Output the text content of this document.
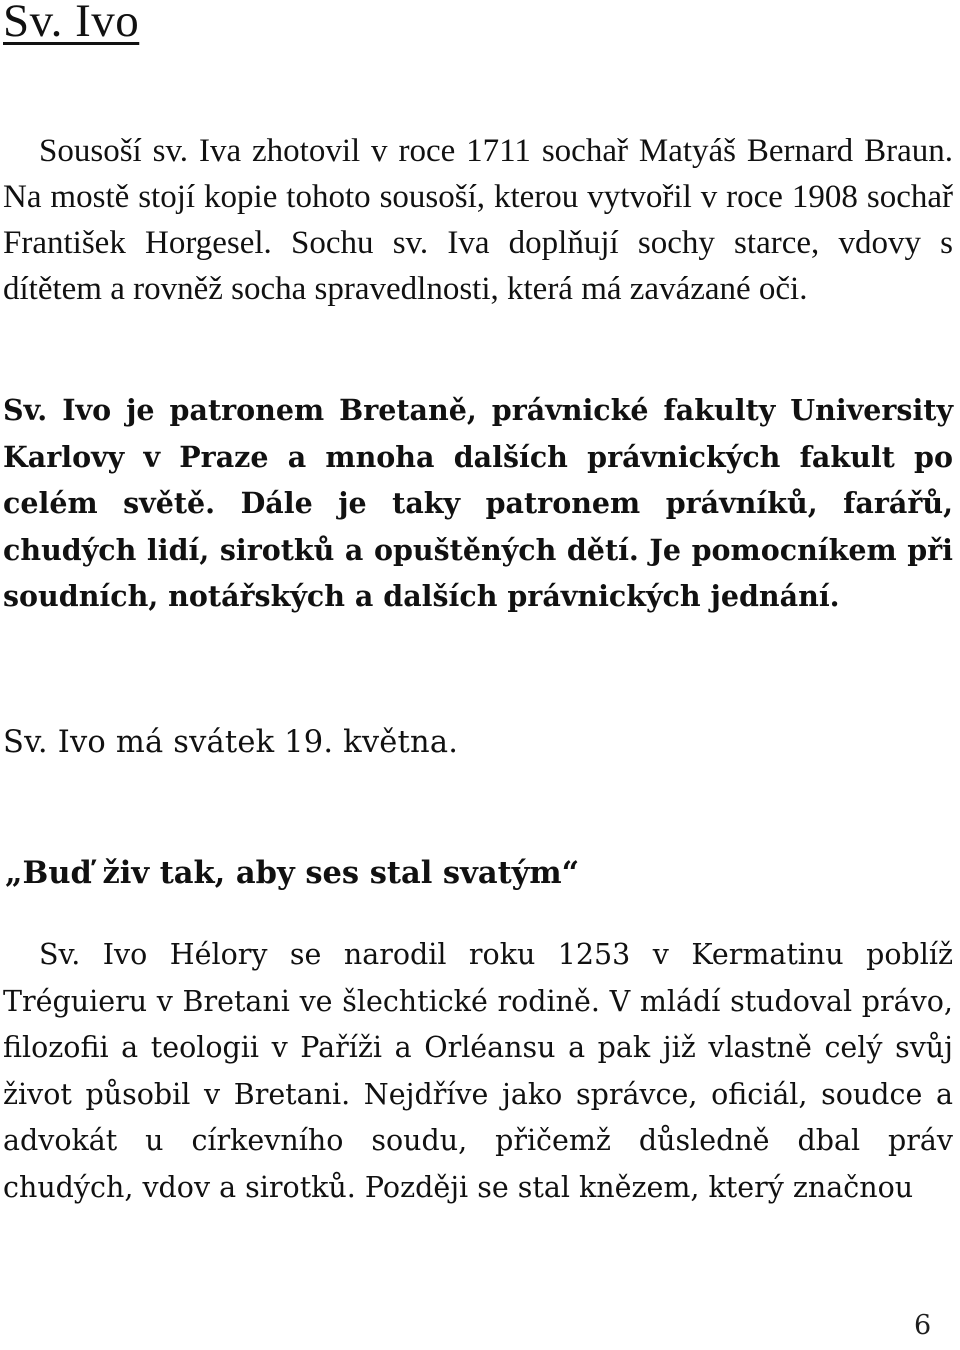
Sv. Ivo

Sousoší sv. Iva zhotovil v roce 1711 sochař Matyáš Bernard Braun. Na mostě stojí kopie tohoto sousoší, kterou vytvořil v roce 1908 sochař František Horgesel. Sochu sv. Iva doplňují sochy starce, vdovy s dítětem a rovněž socha spravedlnosti, která má zavázané oči.

Sv. Ivo je patronem Bretaně, právnické fakulty University Karlovy v Praze a mnoha dalších právnických fakult po celém světě. Dále je taky patronem právníků, farářů, chudých lidí, sirotků a opuštěných dětí. Je pomocníkem při soudních, notářských a dalších právnických jednání.

Sv. Ivo má svátek 19. května.

„Buď živ tak, aby ses stal svatým“

Sv. Ivo Hélory se narodil roku 1253 v Kermatinu poblíž Tréguieru v Bretani ve šlechtické rodině. V mládí studoval právo, filozofii a teologii v Paříži a Orléansu a pak již vlastně celý svůj život působil v Bretani. Nejdříve jako správce, oficiál, soudce a advokát u církevního soudu, přičemž důsledně dbal práv chudých, vdov a sirotků. Později se stal knězem, který značnou

6
